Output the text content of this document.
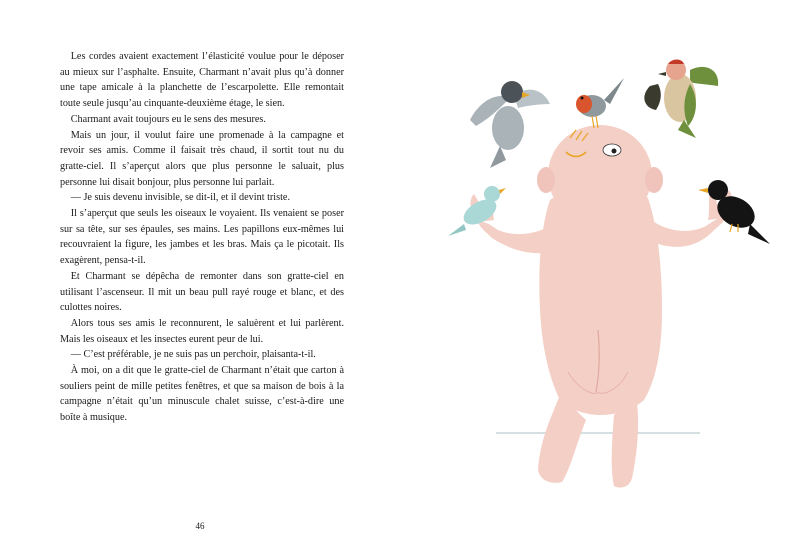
Les cordes avaient exactement l’élasticité voulue pour le déposer au mieux sur l’asphalte. Ensuite, Charmant n’avait plus qu’à donner une tape amicale à la planchette de l’escarpolette. Elle remontait toute seule jusqu’au cinquante-deuxième étage, le sien.

Charmant avait toujours eu le sens des mesures.

Mais un jour, il voulut faire une promenade à la campagne et revoir ses amis. Comme il faisait très chaud, il sortit tout nu du gratte-ciel. Il s’aperçut alors que plus personne le saluait, plus personne lui disait bonjour, plus personne lui parlait.

— Je suis devenu invisible, se dit-il, et il devint triste.

Il s’aperçut que seuls les oiseaux le voyaient. Ils venaient se poser sur sa tête, sur ses épaules, ses mains. Les papillons eux-mêmes lui recouvraient la figure, les jambes et les bras. Mais ça le picotait. Ils exagèrent, pensa-t-il.

Et Charmant se dépêcha de remonter dans son gratte-ciel en utilisant l’ascenseur. Il mit un beau pull rayé rouge et blanc, et des culottes noires.

Alors tous ses amis le reconnurent, le saluèrent et lui parlèrent. Mais les oiseaux et les insectes eurent peur de lui.

— C’est préférable, je ne suis pas un perchoir, plaisanta-t-il.

À moi, on a dit que le gratte-ciel de Charmant n’était que carton à souliers peint de mille petites fenêtres, et que sa maison de bois à la campagne n’était qu’un minuscule chalet suisse, c’est-à-dire une boîte à musique.

46
